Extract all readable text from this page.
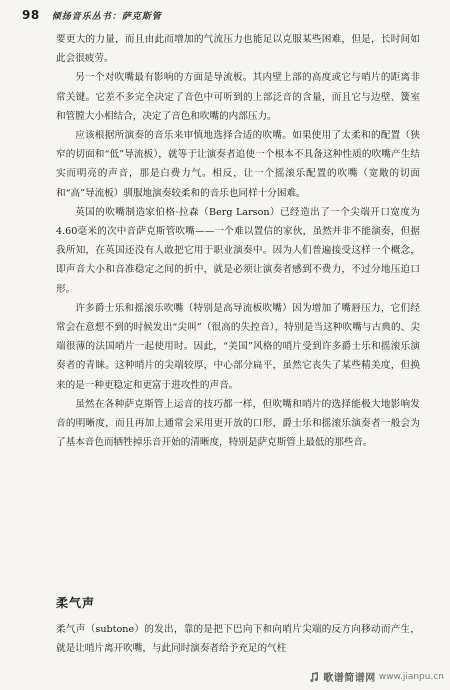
98 倾扬音乐丛书：萨克斯管

要更大的力量，而且由此而增加的气流压力也能足以克服某些困难，但是，长时间如此会很疲劳。

另一个对吹嘴最有影响的方面是导流板。其内壁上部的高度或它与哨片的距离非常关键。它差不多完全决定了音色中可听到的上部泛音的含量，而且它与边壁、簧室和管膛大小相结合，决定了音色和吹嘴的内部压力。

应该根据所演奏的音乐来审慎地选择合适的吹嘴。如果使用了太柔和的配置（狭窄的切面和“低”导流板），就等于让演奏者追使一个根本不具备这种性质的吹嘴产生结实而明亮的声音，那是白费力气。相反，让一个摇滚乐配置的吹嘴（宽敞的切面和“高”导流板）驯服地演奏较柔和的音乐也同样十分困难。

英国的吹嘴制造家伯格·拉森（Berg Larson）已经造出了一个尖端开口宽度为4.60毫米的次中音萨克斯管吹嘴——一个难以置信的家伙，虽然并非不能演奏，但据我所知，在英国还没有人敢把它用于职业演奏中。因为人们普遍接受这样一个概念，即声音大小和音准稳定之间的折中，就是必须让演奏者感到不费力，不过分地压迫口形。

许多爵士乐和摇滚乐吹嘴（特别是高导流板吹嘴）因为增加了嘴唇压力，它们经常会在意想不到的时候发出“尖叫”（很高的失控音），特别是当这种吹嘴与古典的、尖端很薄的法国哨片一起使用时。因此，“美国”风格的哨片受到许多爵士乐和摇滚乐演奏者的青睐。这种哨片的尖端较厚，中心部分扁平，虽然它丧失了某些精美度，但换来的是一种更稳定和更富于进攻性的声音。

虽然在各种萨克斯管上运音的技巧都一样，但吹嘴和哨片的选择能极大地影响发音的明晰度，而且再加上通常会采用更开放的口形，爵士乐和摇滚乐演奏者一般会为了基本音色而牺牲掉乐音开始的清晰度，特别是萨克斯管上最低的那些音。

柔气声

柔气声（subtone）的发出，靠的是把下巴向下和向哨片尖端的反方向移动而产生，就是让哨片离开吹嘴，与此同时演奏者给予充足的气柱

歌谱简谱网 www.jianpu.cn
